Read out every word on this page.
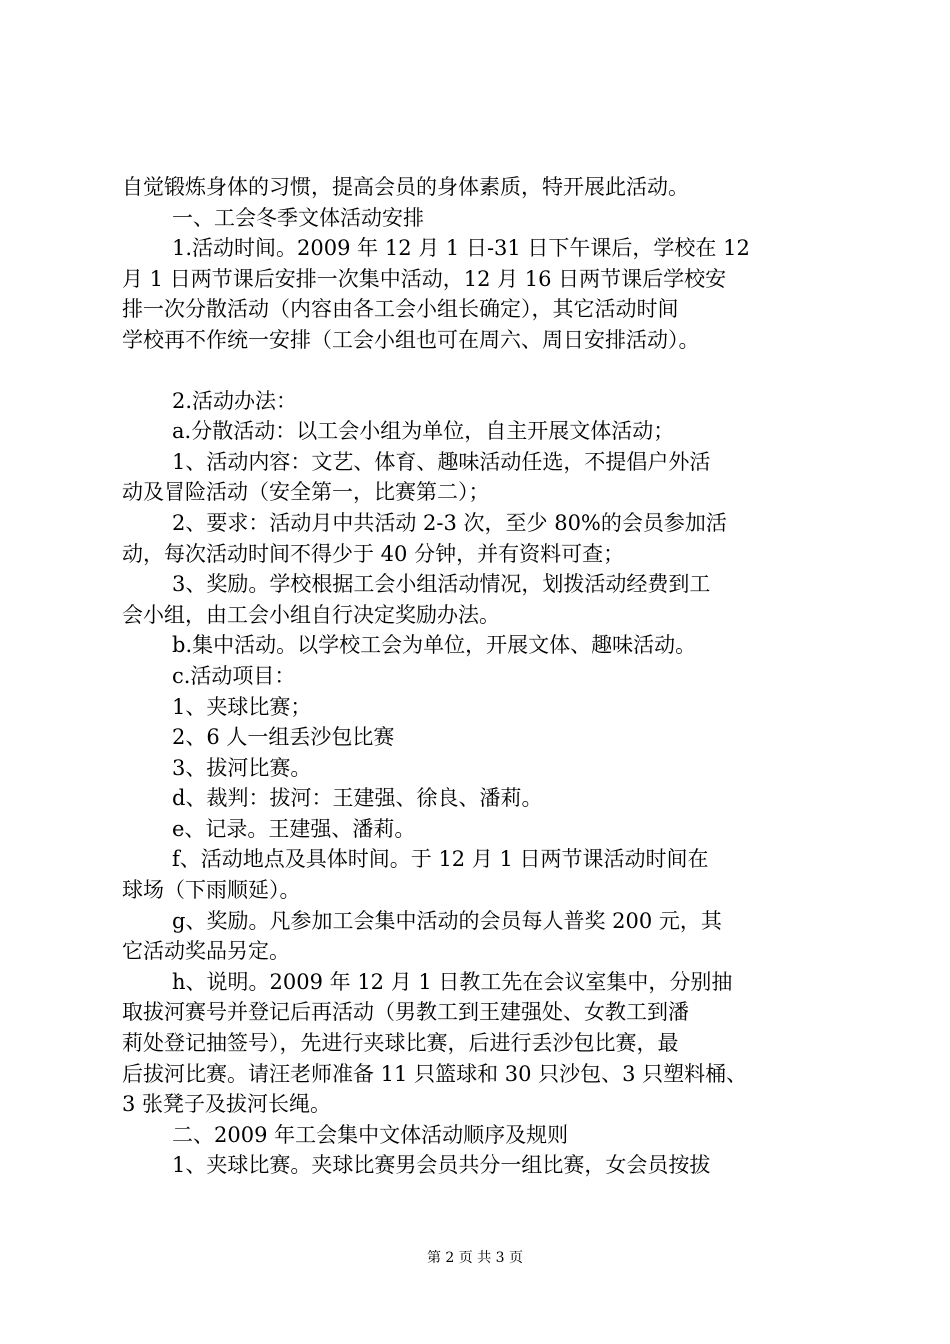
自觉锻炼身体的习惯，提高会员的身体素质，特开展此活动。
一、工会冬季文体活动安排
1.活动时间。2009 年 12 月 1 日-31 日下午课后，学校在 12
月 1 日两节课后安排一次集中活动，12 月 16 日两节课后学校安
排一次分散活动（内容由各工会小组长确定），其它活动时间
学校再不作统一安排（工会小组也可在周六、周日安排活动）。
2.活动办法：
a.分散活动：以工会小组为单位，自主开展文体活动；
1、活动内容：文艺、体育、趣味活动任选，不提倡户外活
动及冒险活动（安全第一，比赛第二）；
2、要求：活动月中共活动 2-3 次，至少 80%的会员参加活
动，每次活动时间不得少于 40 分钟，并有资料可查；
3、奖励。学校根据工会小组活动情况，划拨活动经费到工
会小组，由工会小组自行决定奖励办法。
b.集中活动。以学校工会为单位，开展文体、趣味活动。
c.活动项目：
1、夹球比赛；
2、6 人一组丢沙包比赛
3、拔河比赛。
d、裁判：拔河：王建强、徐良、潘莉。
e、记录。王建强、潘莉。
f、活动地点及具体时间。于 12 月 1 日两节课活动时间在
球场（下雨顺延）。
g、奖励。凡参加工会集中活动的会员每人普奖 200 元，其
它活动奖品另定。
h、说明。2009 年 12 月 1 日教工先在会议室集中，分别抽
取拔河赛号并登记后再活动（男教工到王建强处、女教工到潘
莉处登记抽签号），先进行夹球比赛，后进行丢沙包比赛，最
后拔河比赛。请汪老师准备 11 只篮球和 30 只沙包、3 只塑料桶、
3 张凳子及拔河长绳。
二、2009 年工会集中文体活动顺序及规则
1、夹球比赛。夹球比赛男会员共分一组比赛，女会员按拔
第 2 页 共 3 页
